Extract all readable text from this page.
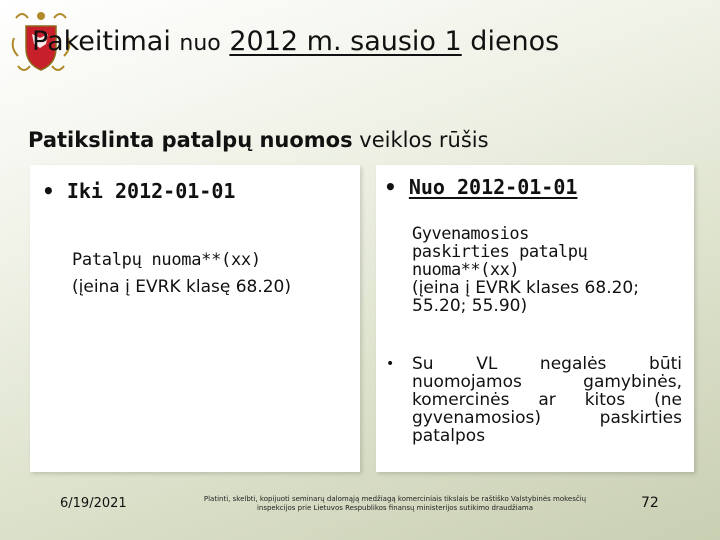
Pakeitimai nuo 2012 m. sausio 1 dienos
Patikslinta patalpų nuomos veiklos rūšis
• Iki 2012-01-01
Patalpų nuoma**(xx)
(įeina į EVRK klasę 68.20)
• Nuo 2012-01-01
Gyvenamosios
paskirties patalpų
nuoma**(xx)
(įeina į EVRK klases 68.20;
55.20; 55.90)
•	Su VL negalės būti nuomojamos gamybinės, komercinės ar kitos (ne gyvenamosios) paskirties patalpos
6/19/2021	Platinti, skelbti, kopijuoti seminarų dalomąją medžiagą komerciniais tikslais be raštiško Valstybinės mokesčių inspekcijos prie Lietuvos Respublikos finansų ministerijos sutikimo draudžiama	72
